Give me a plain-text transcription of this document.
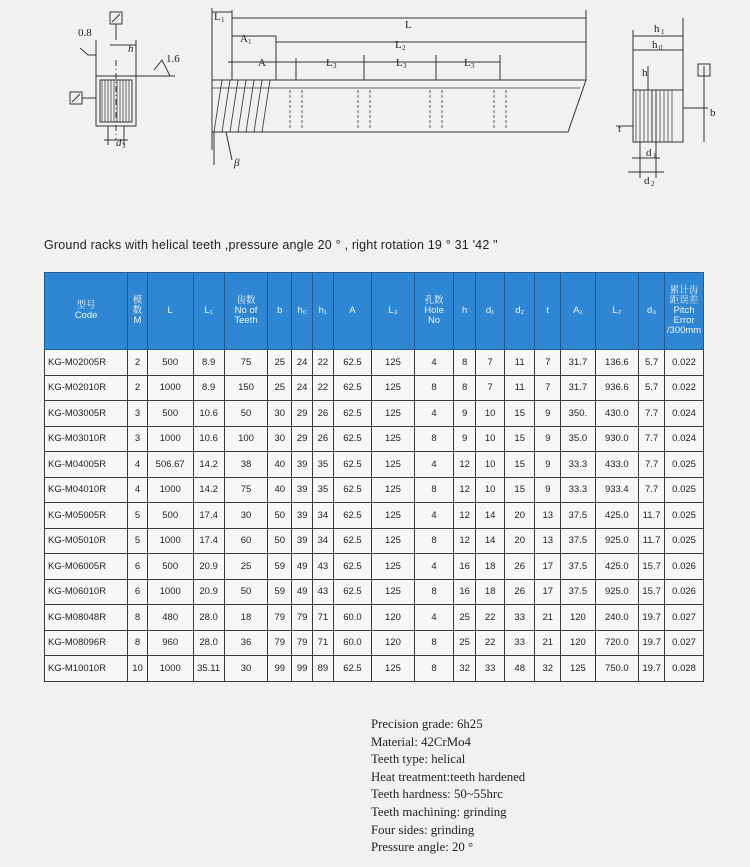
0.8
1.6
h
d 3
L
L 1
L 2
A 1
A	L 3	L 3	L 3
β
h 1
h 0
h
b
t
d 1
d 2
Ground racks with helical teeth ,pressure angle 20 ° , right rotation 19 ° 31 '42 "
型号
Code	模
数
M	L	L₁	齿数
No of
Teeth	b	h₀	h₁	A	L₃	孔数
Hole
No	h	d₁	d₂	t	A₁	L₂	d₃	累计齿
距误差
Pitch
Error
/300mm

KG-M02005R	2	500	8.9	75	25	24	22	62.5	125	4	8	7	11	7	31.7	136.6	5.7	0.022
KG-M02010R	2	1000	8.9	150	25	24	22	62.5	125	8	8	7	11	7	31.7	936.6	5.7	0.022
KG-M03005R	3	500	10.6	50	30	29	26	62.5	125	4	9	10	15	9	350.	430.0	7.7	0.024
KG-M03010R	3	1000	10.6	100	30	29	26	62.5	125	8	9	10	15	9	35.0	930.0	7.7	0.024
KG-M04005R	4	506.67	14.2	38	40	39	35	62.5	125	4	12	10	15	9	33.3	433.0	7.7	0.025
KG-M04010R	4	1000	14.2	75	40	39	35	62.5	125	8	12	10	15	9	33.3	933.4	7.7	0.025
KG-M05005R	5	500	17.4	30	50	39	34	62.5	125	4	12	14	20	13	37.5	425.0	11.7	0.025
KG-M05010R	5	1000	17.4	60	50	39	34	62.5	125	8	12	14	20	13	37.5	925.0	11.7	0.025
KG-M06005R	6	500	20.9	25	59	49	43	62.5	125	4	16	18	26	17	37.5	425.0	15.7	0.026
KG-M06010R	6	1000	20.9	50	59	49	43	62.5	125	8	16	18	26	17	37.5	925.0	15.7	0.026
KG-M08048R	8	480	28.0	18	79	79	71	60.0	120	4	25	22	33	21	120	240.0	19.7	0.027
KG-M08096R	8	960	28.0	36	79	79	71	60.0	120	8	25	22	33	21	120	720.0	19.7	0.027
KG-M10010R	10	1000	35.11	30	99	99	89	62.5	125	8	32	33	48	32	125	750.0	19.7	0.028
Precision grade: 6h25
Material: 42CrMo4
Teeth type: helical
Heat treatment:teeth hardened
Teeth hardness: 50~55hrc
Teeth machining: grinding
Four sides: grinding
Pressure angle: 20 °
